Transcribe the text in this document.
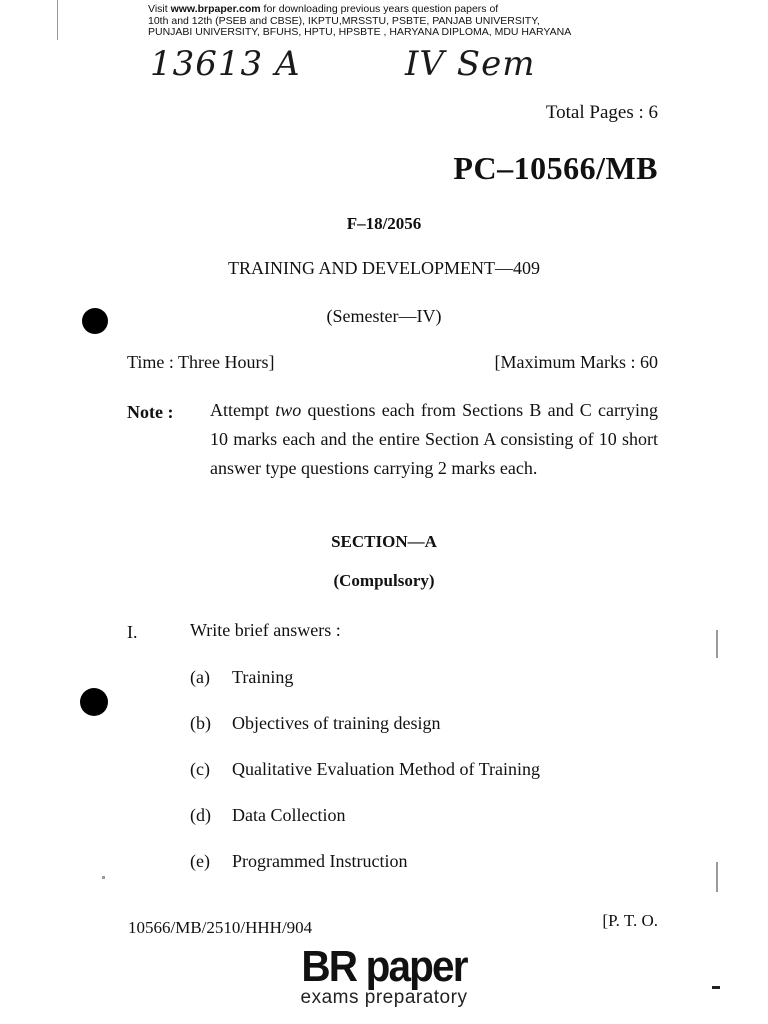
Visit www.brpaper.com for downloading previous years question papers of
10th and 12th (PSEB and CBSE), IKPTU,MRSSTU, PSBTE, PANJAB UNIVERSITY,
PUNJABI UNIVERSITY, BFUHS, HPTU, HPSBTE , HARYANA DIPLOMA, MDU HARYANA
13613 A	IV Sem
Total Pages : 6
PC–10566/MB
F–18/2056
TRAINING AND DEVELOPMENT—409
(Semester—IV)
Time : Three Hours]	[Maximum Marks : 60
Note : Attempt two questions each from Sections B and C carrying 10 marks each and the entire Section A consisting of 10 short answer type questions carrying 2 marks each.
SECTION—A
(Compulsory)
I.	Write brief answers :
(a) Training
(b) Objectives of training design
(c) Qualitative Evaluation Method of Training
(d) Data Collection
(e) Programmed Instruction
10566/MB/2510/HHH/904	[P. T. O.
BR paper
exams preparatory
